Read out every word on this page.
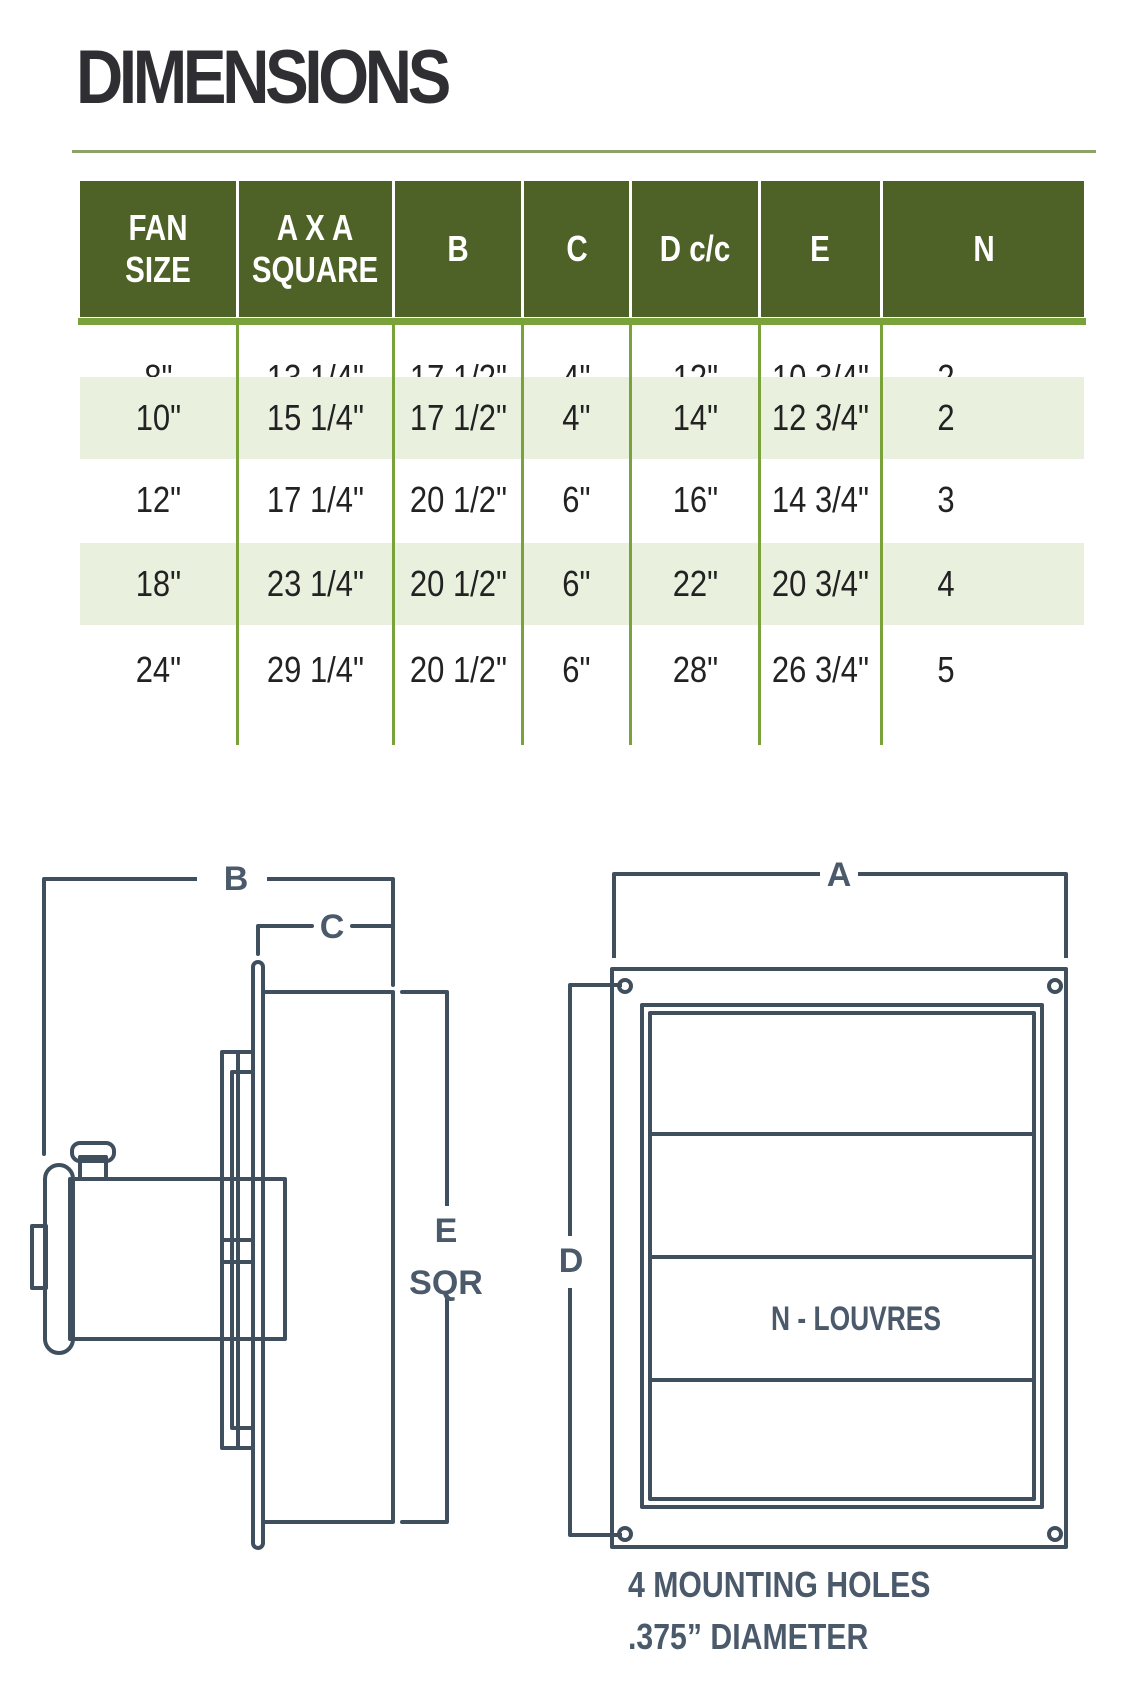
DIMENSIONS
FAN SIZE
A X A
SQUARE
B	C D c/c E	N
10" 15 1/4" 17 1/2" 4" 14" 12 3/4" 2
12" 17 1/4" 20 1/2" 6" 16" 14 3/4" 3
18" 23 1/4" 20 1/2" 6" 22" 20 3/4" 4
24" 29 1/4" 20 1/2" 6" 28" 26 3/4" 5
B
C
E
SQR
A
D
N - LOUVRES
4 MOUNTING HOLES
.375” DIAMETER
